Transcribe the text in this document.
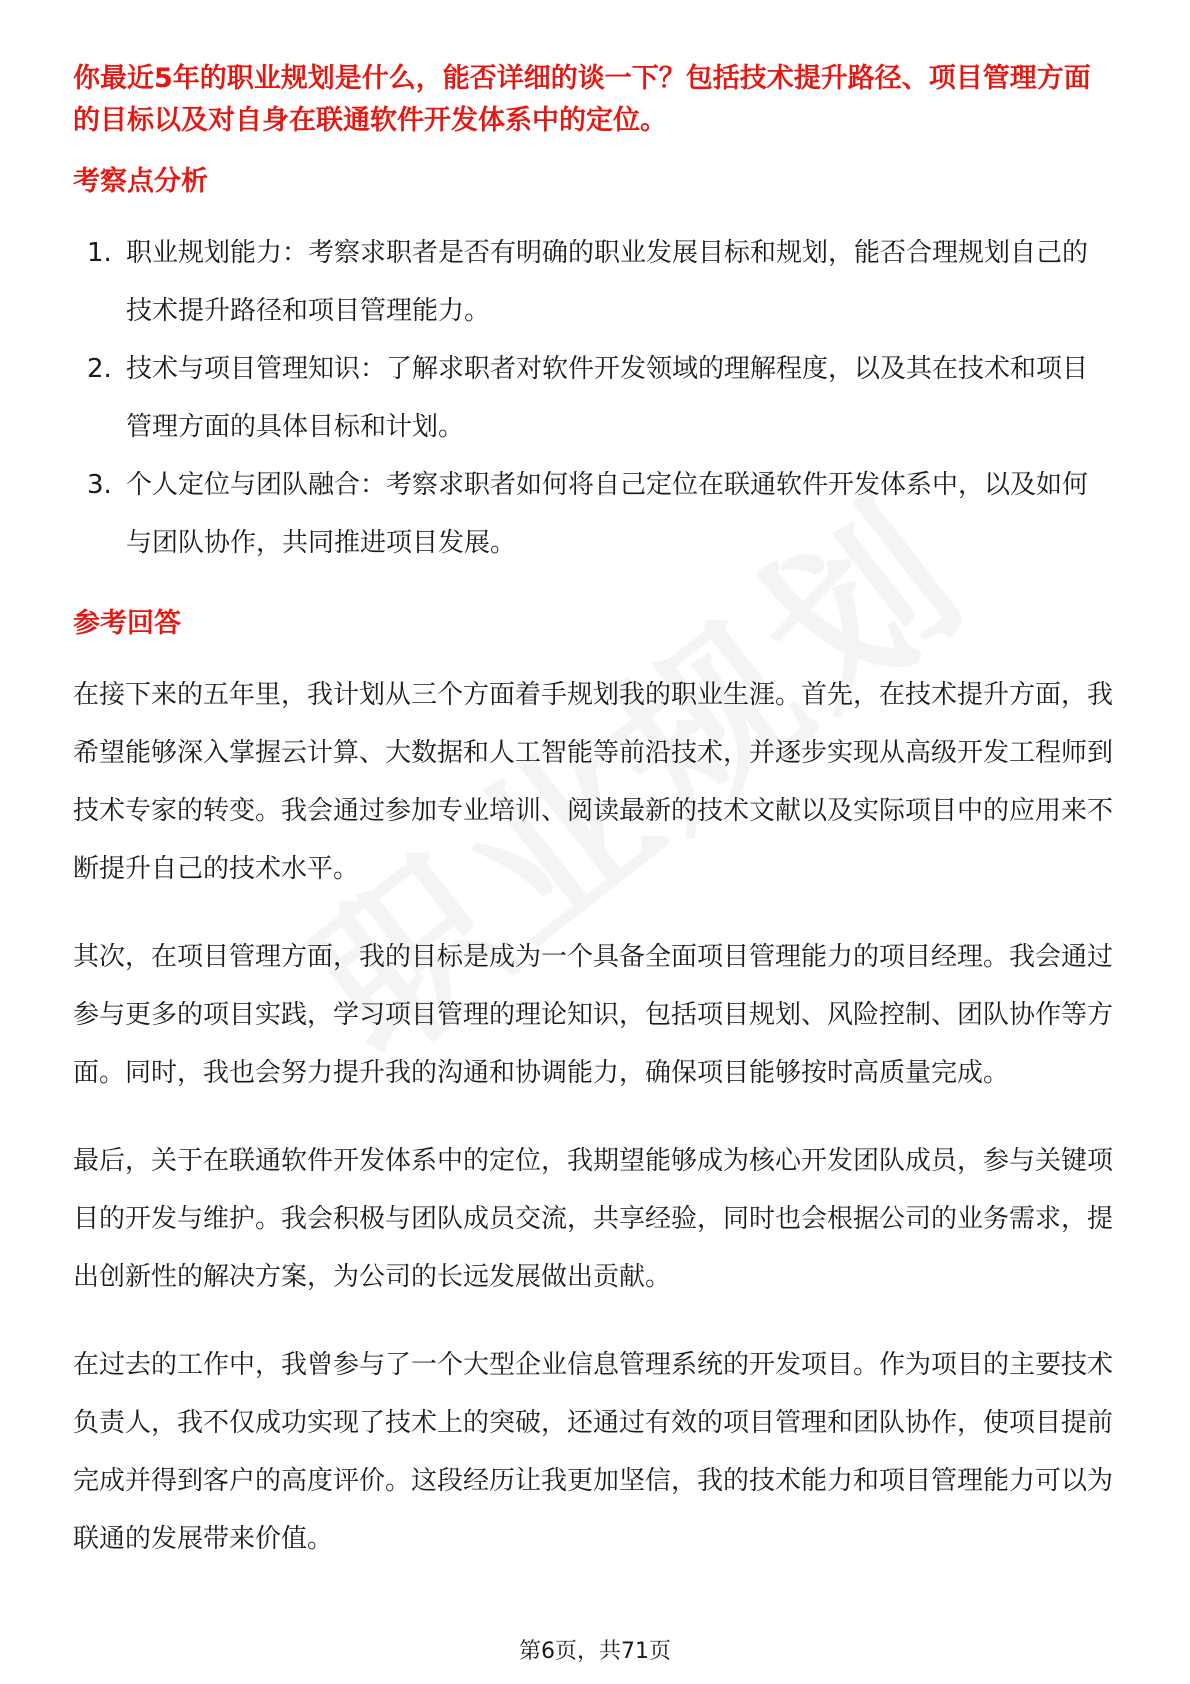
你最近5年的职业规划是什么，能否详细的谈一下？包括技术提升路径、项目管理方面的目标以及对自身在联通软件开发体系中的定位。

考察点分析
1. 职业规划能力：考察求职者是否有明确的职业发展目标和规划，能否合理规划自己的技术提升路径和项目管理能力。
2. 技术与项目管理知识：了解求职者对软件开发领域的理解程度，以及其在技术和项目管理方面的具体目标和计划。
3. 个人定位与团队融合：考察求职者如何将自己定位在联通软件开发体系中，以及如何与团队协作，共同推进项目发展。
参考回答

在接下来的五年里，我计划从三个方面着手规划我的职业生涯。首先，在技术提升方面，我希望能够深入掌握云计算、大数据和人工智能等前沿技术，并逐步实现从高级开发工程师到技术专家的转变。我会通过参加专业培训、阅读最新的技术文献以及实际项目中的应用来不断提升自己的技术水平。

其次，在项目管理方面，我的目标是成为一个具备全面项目管理能力的项目经理。我会通过参与更多的项目实践，学习项目管理的理论知识，包括项目规划、风险控制、团队协作等方面。同时，我也会努力提升我的沟通和协调能力，确保项目能够按时高质量完成。

最后，关于在联通软件开发体系中的定位，我期望能够成为核心开发团队成员，参与关键项目的开发与维护。我会积极与团队成员交流，共享经验，同时也会根据公司的业务需求，提出创新性的解决方案，为公司的长远发展做出贡献。

在过去的工作中，我曾参与了一个大型企业信息管理系统的开发项目。作为项目的主要技术负责人，我不仅成功实现了技术上的突破，还通过有效的项目管理和团队协作，使项目提前完成并得到客户的高度评价。这段经历让我更加坚信，我的技术能力和项目管理能力可以为联通的发展带来价值。

第6页，共71页
